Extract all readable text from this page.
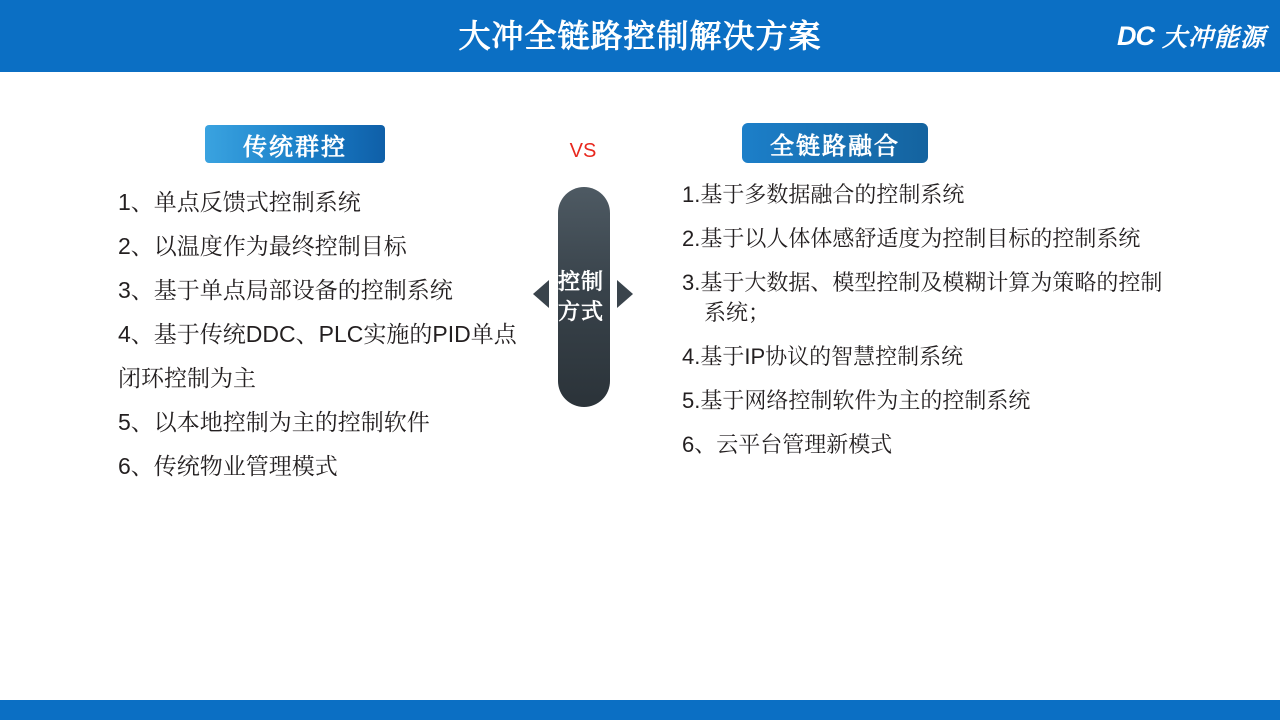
大冲全链路控制解决方案	DC 大冲能源
传统群控	VS	全链路融合
控制方式
1、单点反馈式控制系统
2、以温度作为最终控制目标
3、基于单点局部设备的控制系统
4、基于传统DDC、PLC实施的PID单点闭环控制为主
5、以本地控制为主的控制软件
6、传统物业管理模式
1.基于多数据融合的控制系统
2.基于以人体体感舒适度为控制目标的控制系统
3.基于大数据、模型控制及模糊计算为策略的控制
系统；
4.基于IP协议的智慧控制系统
5.基于网络控制软件为主的控制系统
6、云平台管理新模式
